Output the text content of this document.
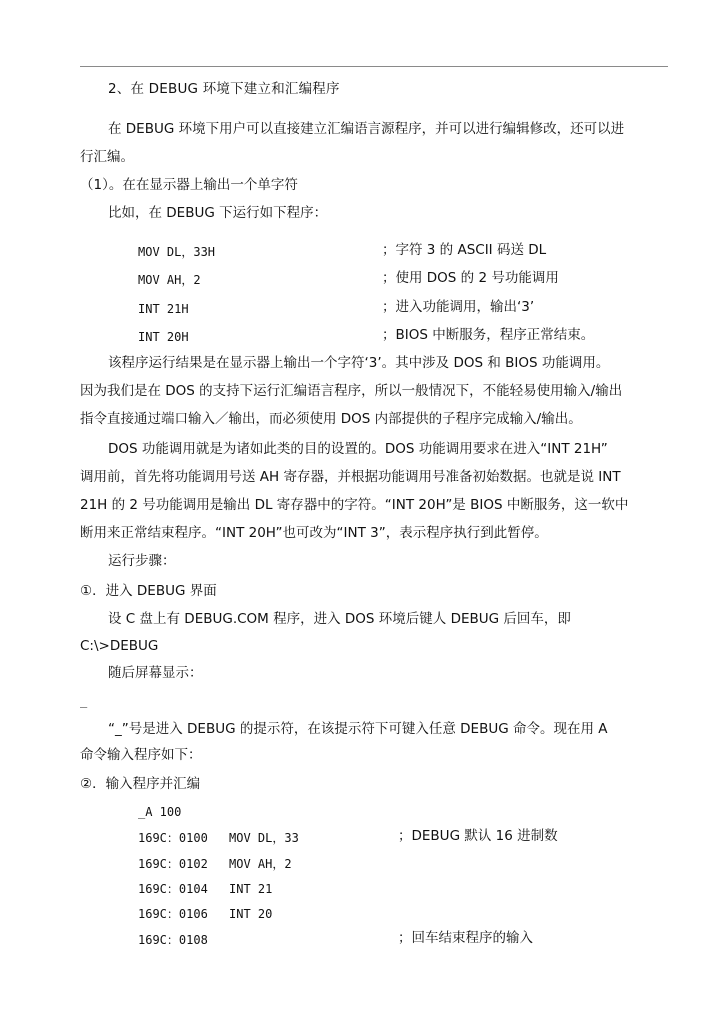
2、在 DEBUG 环境下建立和汇编程序
在 DEBUG 环境下用户可以直接建立汇编语言源程序，并可以进行编辑修改，还可以进
行汇编。
（1）。在在显示器上输出一个单字符
比如，在 DEBUG 下运行如下程序：
MOV DL，33H	；字符 3 的 ASCII 码送 DL
MOV AH，2	；使用 DOS 的 2 号功能调用
INT 21H	；进入功能调用，输出‘3’
INT 20H	；BIOS 中断服务，程序正常结束。
该程序运行结果是在显示器上输出一个字符‘3’。其中涉及 DOS 和 BIOS 功能调用。
因为我们是在 DOS 的支持下运行汇编语言程序，所以一般情况下，不能轻易使用输入/输出
指令直接通过端口输入／输出，而必须使用 DOS 内部提供的子程序完成输入/输出。
DOS 功能调用就是为诸如此类的目的设置的。DOS 功能调用要求在进入“INT 21H”
调用前，首先将功能调用号送 AH 寄存器，并根据功能调用号准备初始数据。也就是说 INT
21H 的 2 号功能调用是输出 DL 寄存器中的字符。“INT 20H”是 BIOS 中断服务，这一软中
断用来正常结束程序。“INT 20H”也可改为“INT 3”，表示程序执行到此暂停。
运行步骤：
①．进入 DEBUG 界面
设 C 盘上有 DEBUG.COM 程序，进入 DOS 环境后键人 DEBUG 后回车，即
C:\>DEBUG
随后屏幕显示：
_
“_”号是进入 DEBUG 的提示符，在该提示符下可键入任意 DEBUG 命令。现在用 A
命令输入程序如下：
②．输入程序并汇编
_A 100
169C：0100 MOV DL，33	；DEBUG 默认 16 进制数
169C：0102 MOV AH，2
169C：0104 INT 21
169C：0106 INT 20
169C：0108	；回车结束程序的输入
